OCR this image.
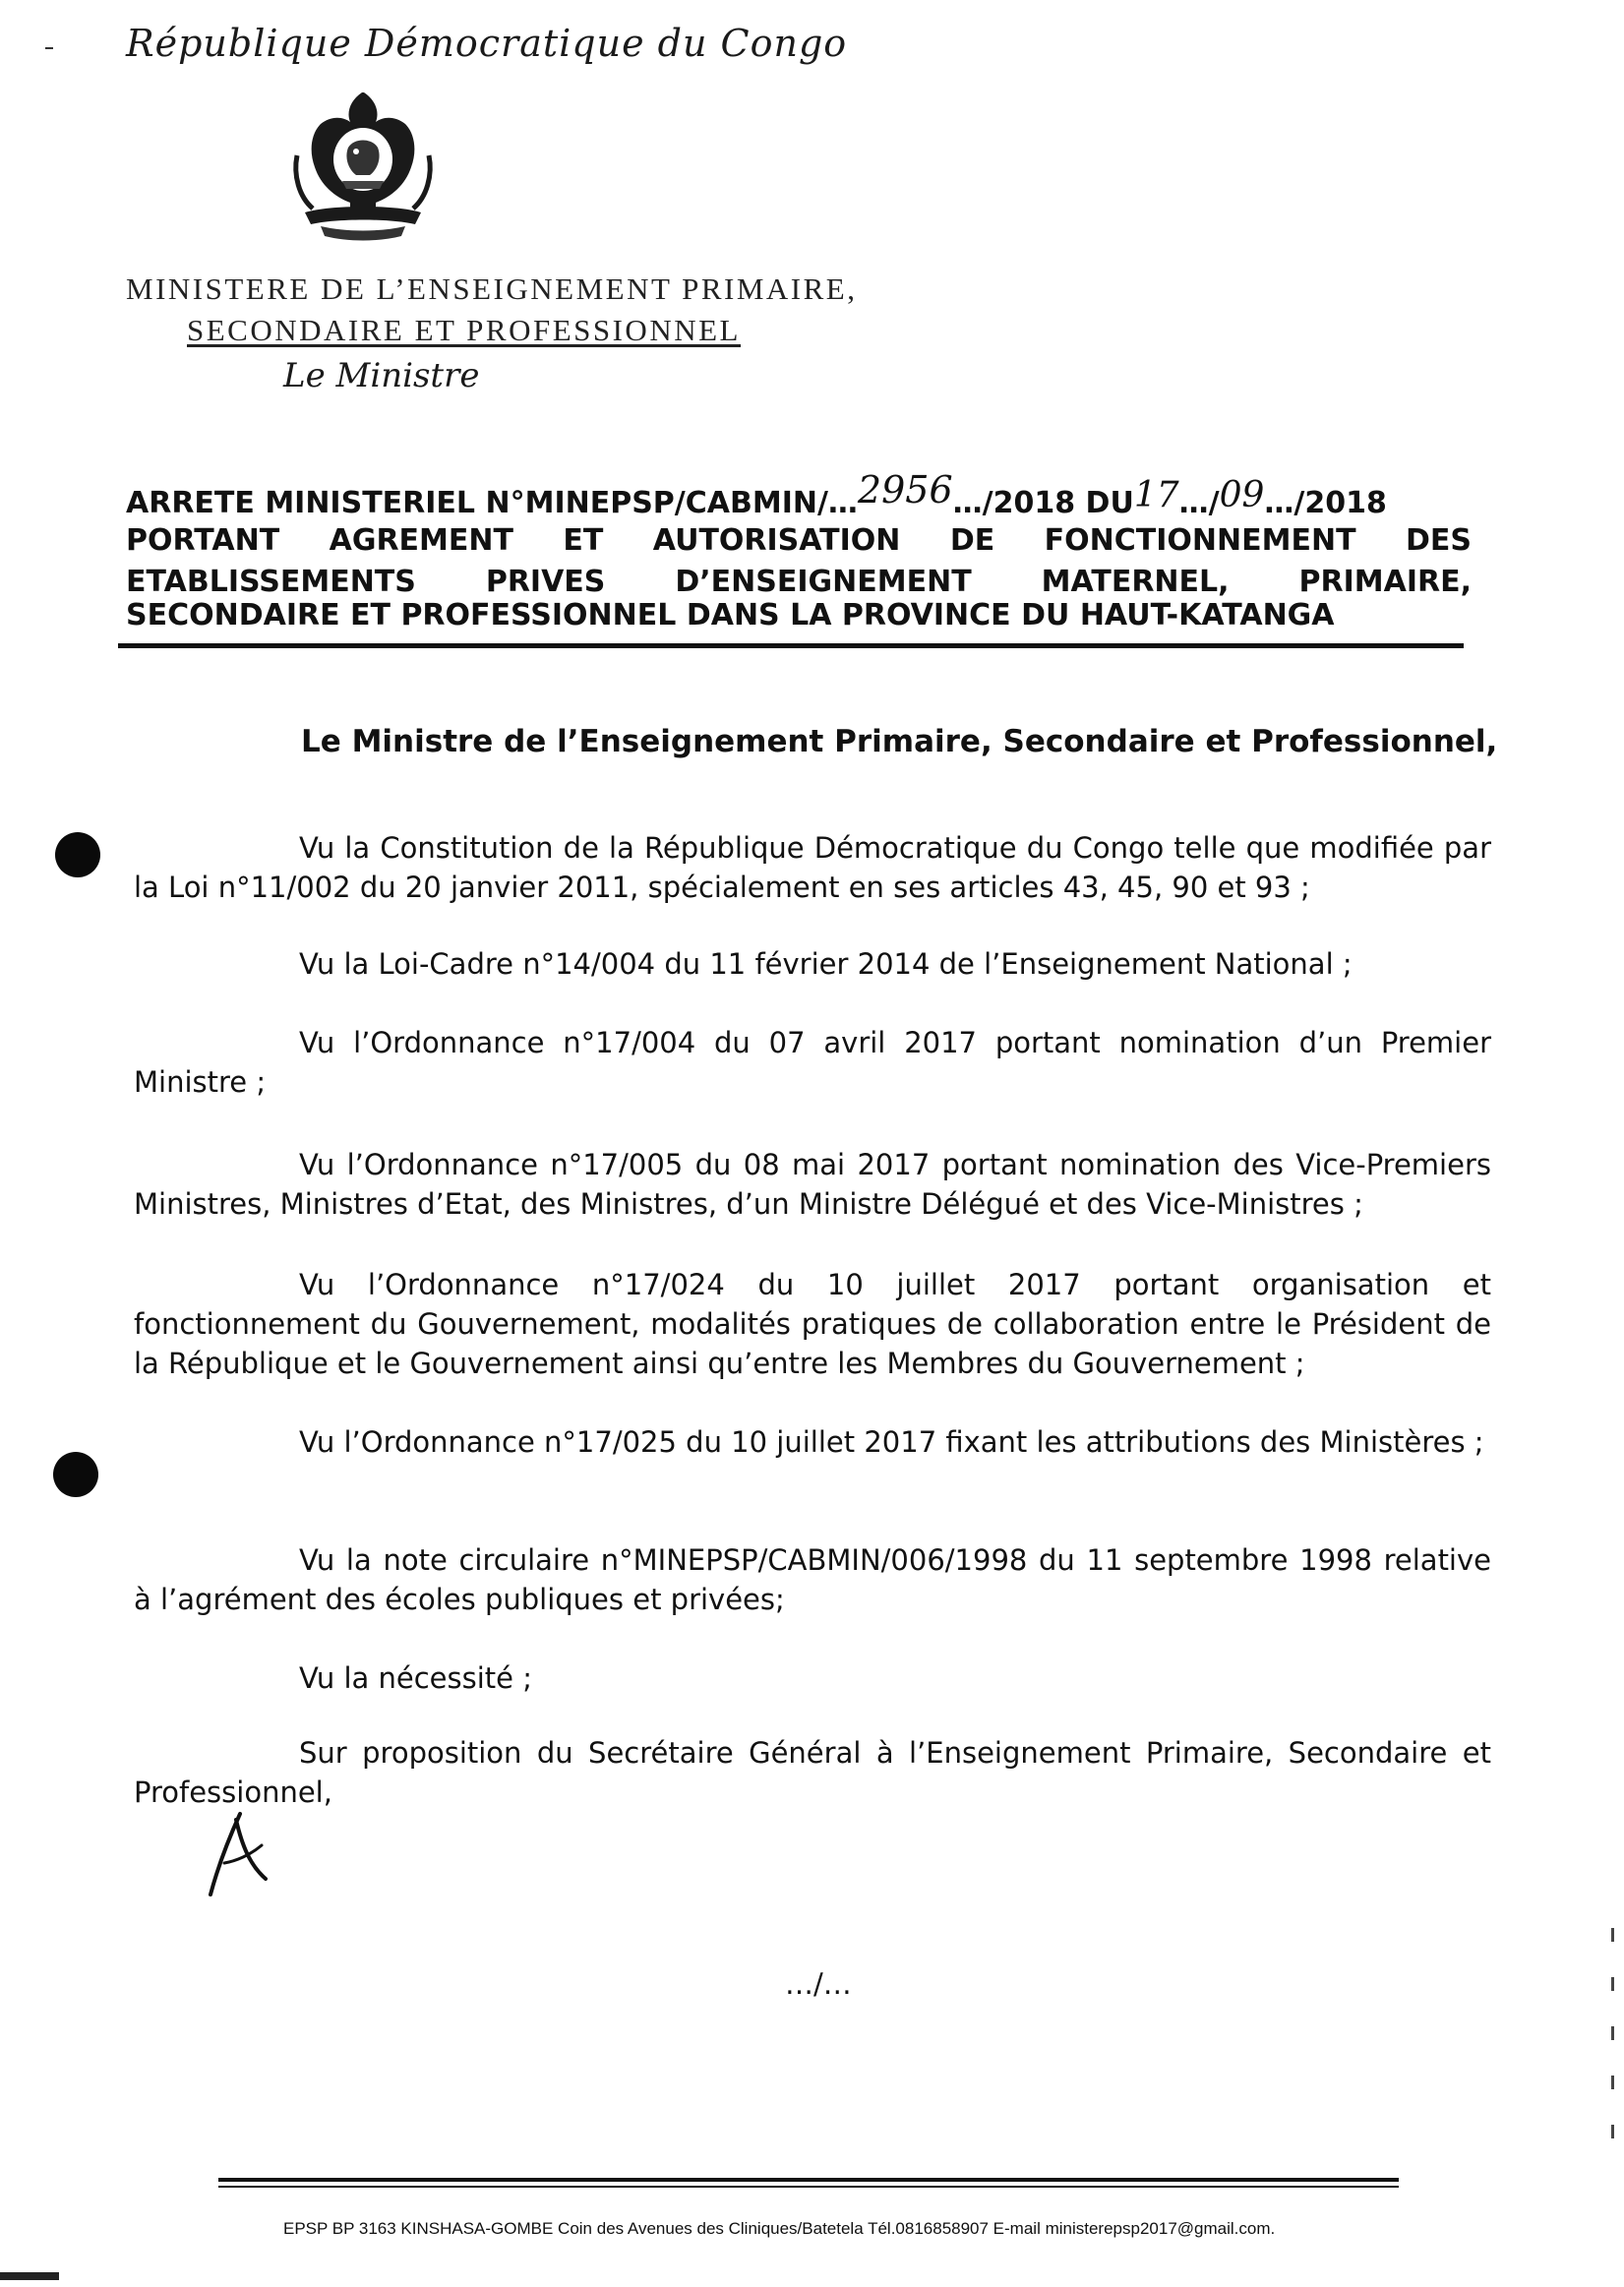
République Démocratique du Congo
MINISTERE DE L’ENSEIGNEMENT PRIMAIRE,
SECONDAIRE ET PROFESSIONNEL
Le Ministre
ARRETE MINISTERIEL N°MINEPSP/CABMIN/…2956…/2018 DU17…/09…/2018
PORTANT AGREMENT ET AUTORISATION DE FONCTIONNEMENT DES
ETABLISSEMENTS PRIVES D’ENSEIGNEMENT MATERNEL, PRIMAIRE,
SECONDAIRE ET PROFESSIONNEL DANS LA PROVINCE DU HAUT-KATANGA
Le Ministre de l’Enseignement Primaire, Secondaire et Professionnel,
Vu la Constitution de la République Démocratique du Congo telle que modifiée par la Loi n°11/002 du 20 janvier 2011, spécialement en ses articles 43, 45, 90 et 93 ;
Vu la Loi-Cadre n°14/004 du 11 février 2014 de l’Enseignement National ;
Vu l’Ordonnance n°17/004 du 07 avril 2017 portant nomination d’un Premier Ministre ;
Vu l’Ordonnance n°17/005 du 08 mai 2017 portant nomination des Vice-Premiers Ministres, Ministres d’Etat, des Ministres, d’un Ministre Délégué et des Vice-Ministres ;
Vu l’Ordonnance n°17/024 du 10 juillet 2017 portant organisation et fonctionnement du Gouvernement, modalités pratiques de collaboration entre le Président de la République et le Gouvernement ainsi qu’entre les Membres du Gouvernement ;
Vu l’Ordonnance n°17/025 du 10 juillet 2017 fixant les attributions des Ministères ;
Vu la note circulaire n°MINEPSP/CABMIN/006/1998 du 11 septembre 1998 relative à l’agrément des écoles publiques et privées;
Vu la nécessité ;
Sur proposition du Secrétaire Général à l’Enseignement Primaire, Secondaire et Professionnel,
…/…
EPSP BP 3163 KINSHASA-GOMBE Coin des Avenues des Cliniques/Batetela Tél.0816858907 E-mail ministerepsp2017@gmail.com.
